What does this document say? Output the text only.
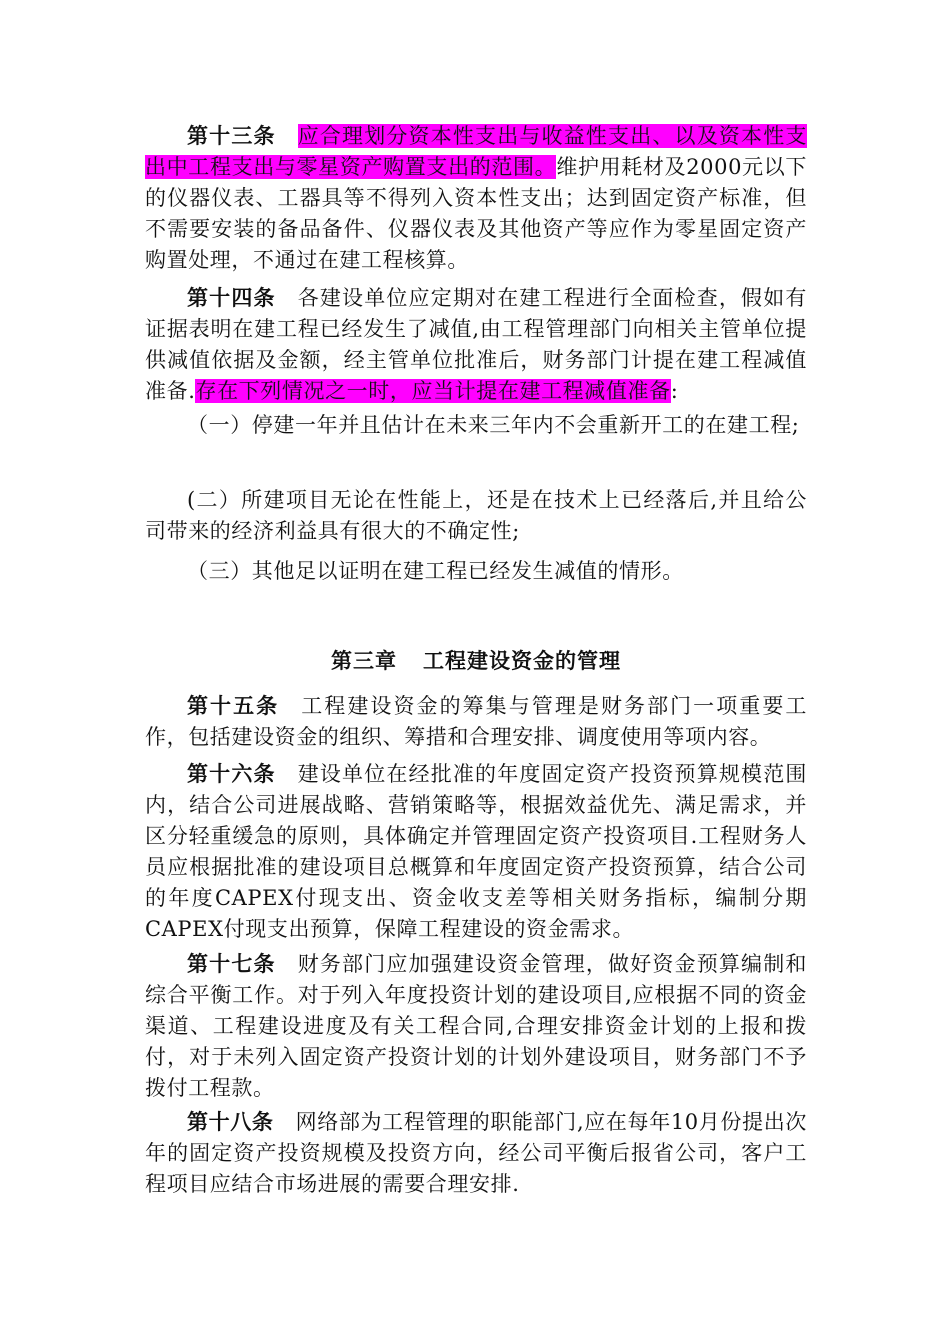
第十三条 应合理划分资本性支出与收益性支出、以及资本性支出中工程支出与零星资产购置支出的范围。维护用耗材及2000元以下的仪器仪表、工器具等不得列入资本性支出；达到固定资产标准，但不需要安装的备品备件、仪器仪表及其他资产等应作为零星固定资产购置处理，不通过在建工程核算。

第十四条 各建设单位应定期对在建工程进行全面检查，假如有证据表明在建工程已经发生了减值,由工程管理部门向相关主管单位提供减值依据及金额，经主管单位批准后，财务部门计提在建工程减值准备.存在下列情况之一时，应当计提在建工程减值准备:

（一）停建一年并且估计在未来三年内不会重新开工的在建工程;

(二）所建项目无论在性能上，还是在技术上已经落后,并且给公司带来的经济利益具有很大的不确定性;

（三）其他足以证明在建工程已经发生减值的情形。

第三章 工程建设资金的管理

第十五条 工程建设资金的筹集与管理是财务部门一项重要工作，包括建设资金的组织、筹措和合理安排、调度使用等项内容。

第十六条 建设单位在经批准的年度固定资产投资预算规模范围内，结合公司进展战略、营销策略等，根据效益优先、满足需求，并区分轻重缓急的原则，具体确定并管理固定资产投资项目.工程财务人员应根据批准的建设项目总概算和年度固定资产投资预算，结合公司的年度CAPEX付现支出、资金收支差等相关财务指标，编制分期CAPEX付现支出预算，保障工程建设的资金需求。

第十七条 财务部门应加强建设资金管理，做好资金预算编制和综合平衡工作。对于列入年度投资计划的建设项目,应根据不同的资金渠道、工程建设进度及有关工程合同,合理安排资金计划的上报和拨付，对于未列入固定资产投资计划的计划外建设项目，财务部门不予拨付工程款。

第十八条 网络部为工程管理的职能部门,应在每年10月份提出次年的固定资产投资规模及投资方向，经公司平衡后报省公司，客户工程项目应结合市场进展的需要合理安排.
